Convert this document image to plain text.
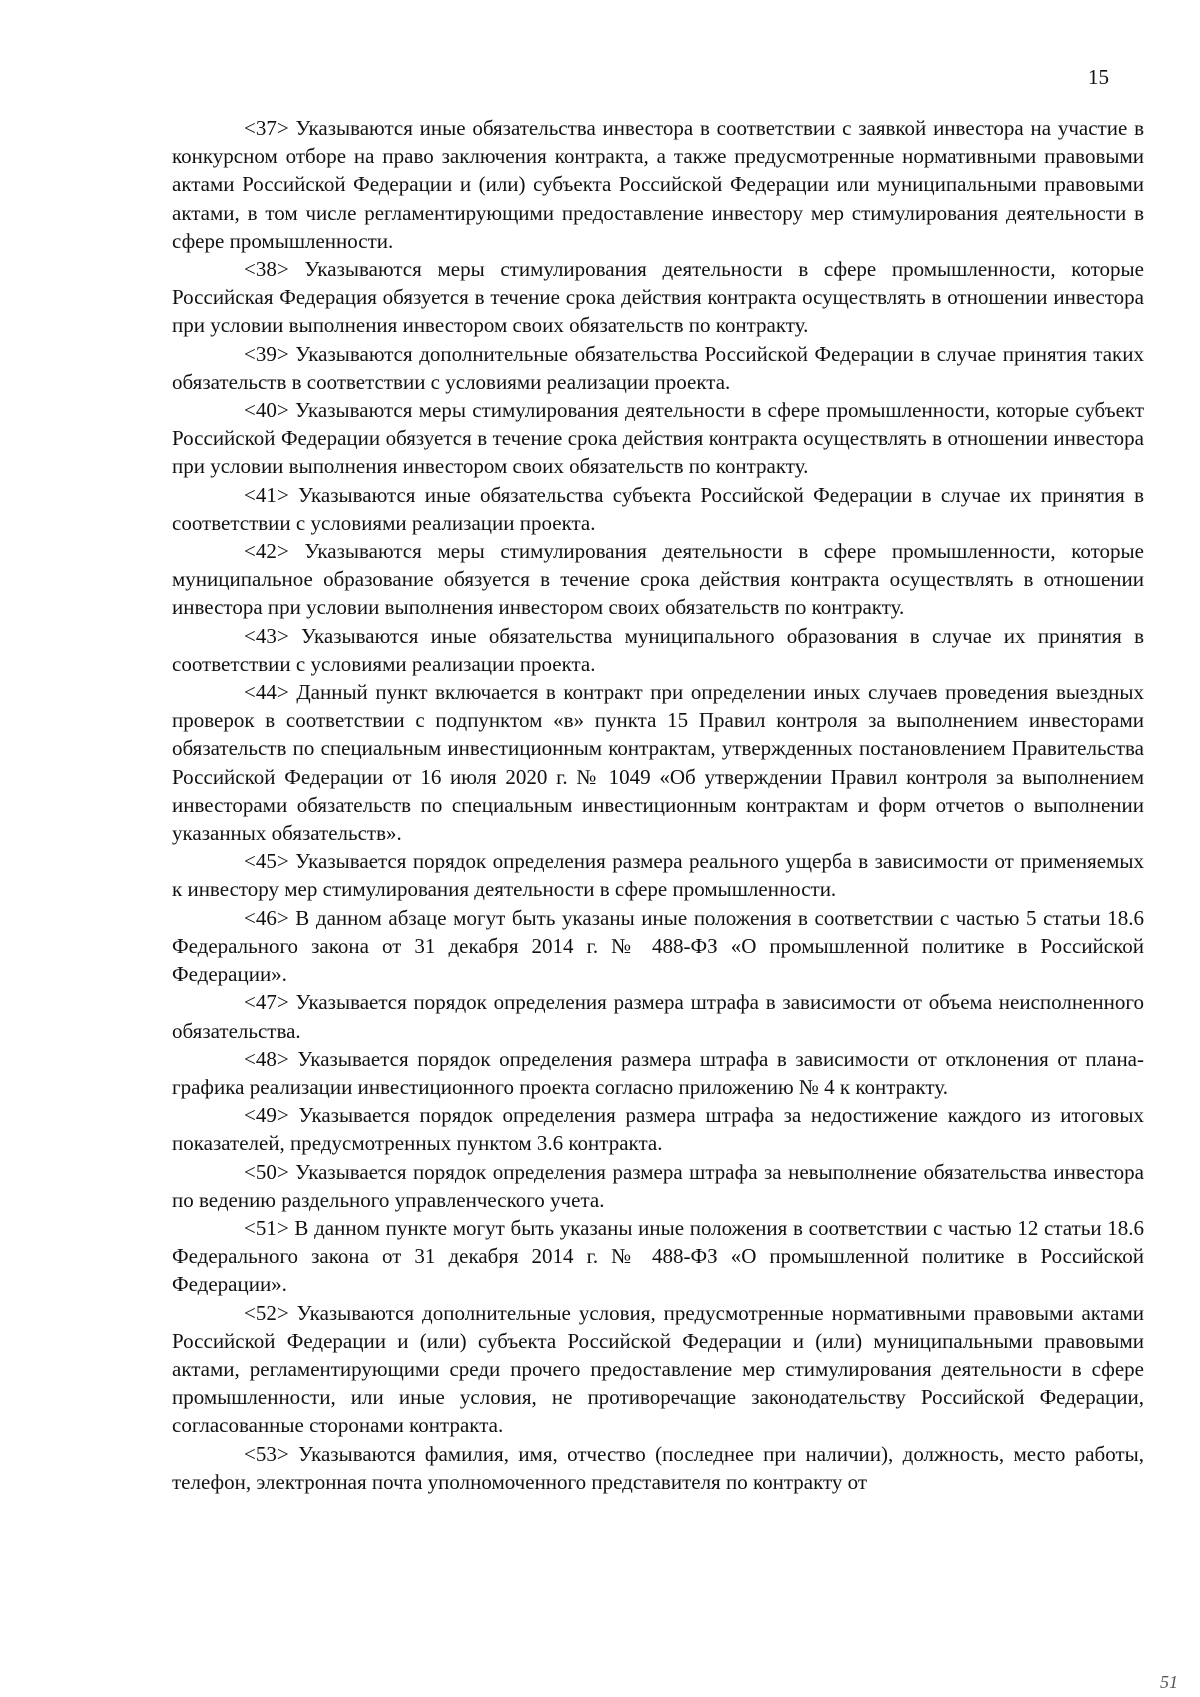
15

<37> Указываются иные обязательства инвестора в соответствии с заявкой инвестора на участие в конкурсном отборе на право заключения контракта, а также предусмотренные нормативными правовыми актами Российской Федерации и (или) субъекта Российской Федерации или муниципальными правовыми актами, в том числе регламентирующими предоставление инвестору мер стимулирования деятельности в сфере промышленности.

<38> Указываются меры стимулирования деятельности в сфере промышленности, которые Российская Федерация обязуется в течение срока действия контракта осуществлять в отношении инвестора при условии выполнения инвестором своих обязательств по контракту.

<39> Указываются дополнительные обязательства Российской Федерации в случае принятия таких обязательств в соответствии с условиями реализации проекта.

<40> Указываются меры стимулирования деятельности в сфере промышленности, которые субъект Российской Федерации обязуется в течение срока действия контракта осуществлять в отношении инвестора при условии выполнения инвестором своих обязательств по контракту.

<41> Указываются иные обязательства субъекта Российской Федерации в случае их принятия в соответствии с условиями реализации проекта.

<42> Указываются меры стимулирования деятельности в сфере промышленности, которые муниципальное образование обязуется в течение срока действия контракта осуществлять в отношении инвестора при условии выполнения инвестором своих обязательств по контракту.

<43> Указываются иные обязательства муниципального образования в случае их принятия в соответствии с условиями реализации проекта.

<44> Данный пункт включается в контракт при определении иных случаев проведения выездных проверок в соответствии с подпунктом «в» пункта 15 Правил контроля за выполнением инвесторами обязательств по специальным инвестиционным контрактам, утвержденных постановлением Правительства Российской Федерации от 16 июля 2020 г. № 1049 «Об утверждении Правил контроля за выполнением инвесторами обязательств по специальным инвестиционным контрактам и форм отчетов о выполнении указанных обязательств».

<45> Указывается порядок определения размера реального ущерба в зависимости от применяемых к инвестору мер стимулирования деятельности в сфере промышленности.

<46> В данном абзаце могут быть указаны иные положения в соответствии с частью 5 статьи 18.6 Федерального закона от 31 декабря 2014 г. № 488-ФЗ «О промышленной политике в Российской Федерации».

<47> Указывается порядок определения размера штрафа в зависимости от объема неисполненного обязательства.

<48> Указывается порядок определения размера штрафа в зависимости от отклонения от плана-графика реализации инвестиционного проекта согласно приложению № 4 к контракту.

<49> Указывается порядок определения размера штрафа за недостижение каждого из итоговых показателей, предусмотренных пунктом 3.6 контракта.

<50> Указывается порядок определения размера штрафа за невыполнение обязательства инвестора по ведению раздельного управленческого учета.

<51> В данном пункте могут быть указаны иные положения в соответствии с частью 12 статьи 18.6 Федерального закона от 31 декабря 2014 г. № 488-ФЗ «О промышленной политике в Российской Федерации».

<52> Указываются дополнительные условия, предусмотренные нормативными правовыми актами Российской Федерации и (или) субъекта Российской Федерации и (или) муниципальными правовыми актами, регламентирующими среди прочего предоставление мер стимулирования деятельности в сфере промышленности, или иные условия, не противоречащие законодательству Российской Федерации, согласованные сторонами контракта.

<53> Указываются фамилия, имя, отчество (последнее при наличии), должность, место работы, телефон, электронная почта уполномоченного представителя по контракту от

51
